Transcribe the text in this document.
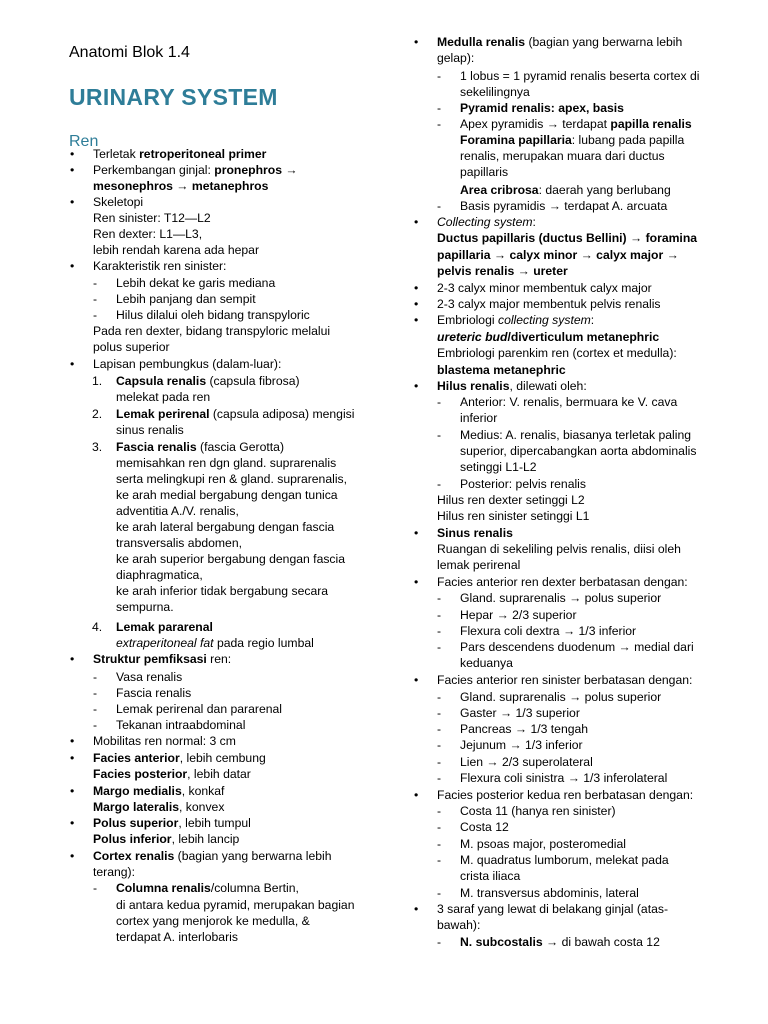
Anatomi Blok 1.4
URINARY SYSTEM
Ren
• Terletak retroperitoneal primer
• Perkembangan ginjal: pronephros →
mesonephros → metanephros
• Skeletopi
Ren sinister: T12—L2
Ren dexter: L1—L3,
lebih rendah karena ada hepar
• Karakteristik ren sinister:
- Lebih dekat ke garis mediana
- Lebih panjang dan sempit
- Hilus dilalui oleh bidang transpyloric
Pada ren dexter, bidang transpyloric melalui
polus superior
• Lapisan pembungkus (dalam-luar):
1. Capsula renalis (capsula fibrosa)
melekat pada ren
2. Lemak perirenal (capsula adiposa) mengisi
sinus renalis
3. Fascia renalis (fascia Gerotta)
memisahkan ren dgn gland. suprarenalis
serta melingkupi ren & gland. suprarenalis,
ke arah medial bergabung dengan tunica
adventitia A./V. renalis,
ke arah lateral bergabung dengan fascia
transversalis abdomen,
ke arah superior bergabung dengan fascia
diaphragmatica,
ke arah inferior tidak bergabung secara
sempurna.
4. Lemak pararenal
extraperitoneal fat pada regio lumbal
• Struktur pemfiksasi ren:
- Vasa renalis
- Fascia renalis
- Lemak perirenal dan pararenal
- Tekanan intraabdominal
• Mobilitas ren normal: 3 cm
• Facies anterior, lebih cembung
Facies posterior, lebih datar
• Margo medialis, konkaf
Margo lateralis, konvex
• Polus superior, lebih tumpul
Polus inferior, lebih lancip
• Cortex renalis (bagian yang berwarna lebih
terang):
- Columna renalis/columna Bertin,
di antara kedua pyramid, merupakan bagian
cortex yang menjorok ke medulla, &
terdapat A. interlobaris
• Medulla renalis (bagian yang berwarna lebih
gelap):
- 1 lobus = 1 pyramid renalis beserta cortex di
sekelilingnya
- Pyramid renalis: apex, basis
- Apex pyramidis → terdapat papilla renalis
Foramina papillaria: lubang pada papilla
renalis, merupakan muara dari ductus
papillaris
Area cribrosa: daerah yang berlubang
- Basis pyramidis → terdapat A. arcuata
• Collecting system:
Ductus papillaris (ductus Bellini) → foramina
papillaria → calyx minor → calyx major →
pelvis renalis → ureter
• 2-3 calyx minor membentuk calyx major
• 2-3 calyx major membentuk pelvis renalis
• Embriologi collecting system:
ureteric bud/diverticulum metanephric
Embriologi parenkim ren (cortex et medulla):
blastema metanephric
• Hilus renalis, dilewati oleh:
- Anterior: V. renalis, bermuara ke V. cava
inferior
- Medius: A. renalis, biasanya terletak paling
superior, dipercabangkan aorta abdominalis
setinggi L1-L2
- Posterior: pelvis renalis
Hilus ren dexter setinggi L2
Hilus ren sinister setinggi L1
• Sinus renalis
Ruangan di sekeliling pelvis renalis, diisi oleh
lemak perirenal
• Facies anterior ren dexter berbatasan dengan:
- Gland. suprarenalis → polus superior
- Hepar → 2/3 superior
- Flexura coli dextra → 1/3 inferior
- Pars descendens duodenum → medial dari
keduanya
• Facies anterior ren sinister berbatasan dengan:
- Gland. suprarenalis → polus superior
- Gaster → 1/3 superior
- Pancreas → 1/3 tengah
- Jejunum → 1/3 inferior
- Lien → 2/3 superolateral
- Flexura coli sinistra → 1/3 inferolateral
• Facies posterior kedua ren berbatasan dengan:
- Costa 11 (hanya ren sinister)
- Costa 12
- M. psoas major, posteromedial
- M. quadratus lumborum, melekat pada
crista iliaca
- M. transversus abdominis, lateral
• 3 saraf yang lewat di belakang ginjal (atas-
bawah):
- N. subcostalis → di bawah costa 12
